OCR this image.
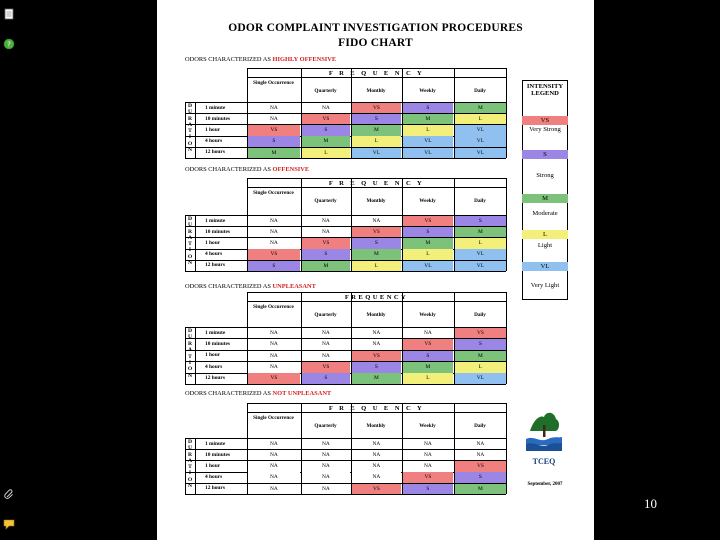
?
ODOR COMPLAINT INVESTIGATION PROCEDURES
FIDO CHART
ODORS CHARACTERIZED AS HIGHLY OFFENSIVE
F R E Q U E N C Y
Single Occurrence
Quarterly	Monthly	Weekly	Daily
D
U
R
A
T
I
O
N
1 minute	NA	NA	VS	S	M
10 minutes	NA	VS	S	M	L
1 hour	VS	S	M	L	VL
4 hours	S	M	L	VL	VL
12 hours	M	L	VL	VL	VL
ODORS CHARACTERIZED AS OFFENSIVE
F R E Q U E N C Y
Single Occurrence
Quarterly	Monthly	Weekly	Daily
D
U
R
A
T
I
O
N
1 minute	NA	NA	NA	VS	S
10 minutes	NA	NA	VS	S	M
1 hour	NA	VS	S	M	L
4 hours	VS	S	M	L	VL
12 hours	S	M	L	VL	VL
ODORS CHARACTERIZED AS UNPLEASANT
FREQUENCY
Single Occurrence
Quarterly	Monthly	Weekly	Daily
D
U
R
A
T
I
O
N
1 minute	NA	NA	NA	NA	VS
10 minutes	NA	NA	NA	VS	S
1 hour	NA	NA	VS	S	M
4 hours	NA	VS	S	M	L
12 hours	VS	S	M	L	VL
ODORS CHARACTERIZED AS NOT UNPLEASANT
F R E Q U E N C Y
Single Occurrence
Quarterly	Monthly	Weekly	Daily
D
U
R
A
T
I
O
N
1 minute	NA	NA	NA	NA	NA
10 minutes	NA	NA	NA	NA	NA
1 hour	NA	NA	NA	NA	VS
4 hours	NA	NA	NA	VS	S
12 hours	NA	NA	VS	S	M
INTENSITY LEGEND
VS
Very Strong
S
Strong
M
Moderate
L
Light
VL
Very Light
TCEQ
September, 2007
10
